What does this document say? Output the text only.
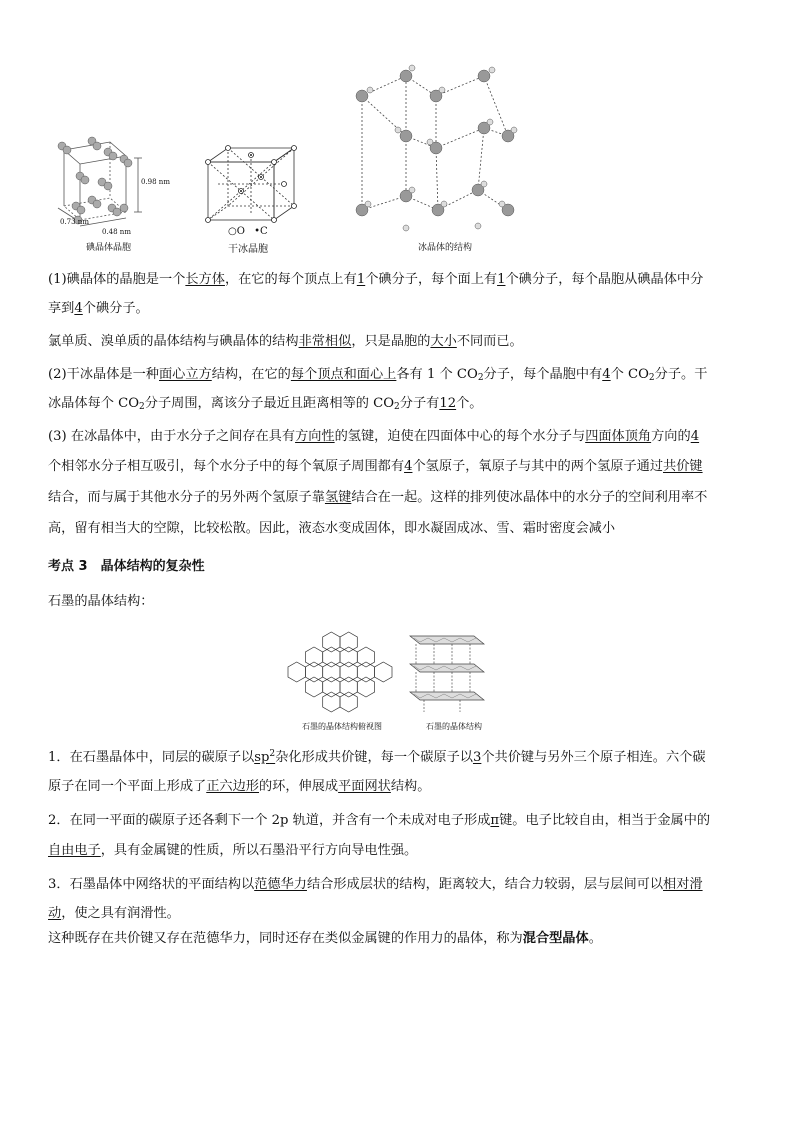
0.98 nm
0.73 nm
0.48 nm
碘晶体晶胞
○O •C
干冰晶胞	冰晶体的结构
(1)碘晶体的晶胞是一个长方体，在它的每个顶点上有1个碘分子，每个面上有1个碘分子，每个晶胞从碘晶体中分
享到4个碘分子。
氯单质、溴单质的晶体结构与碘晶体的结构非常相似，只是晶胞的大小不同而已。
(2)干冰晶体是一种面心立方结构，在它的每个顶点和面心上各有 1 个 $CO_2$分子，每个晶胞中有4个 $CO_2$分子。干
冰晶体每个 $CO_2$分子周围，离该分子最近且距离相等的 $CO_2$分子有12个。
(3) 在冰晶体中，由于水分子之间存在具有方向性的氢键，迫使在四面体中心的每个水分子与四面体顶角方向的4
个相邻水分子相互吸引，每个水分子中的每个氧原子周围都有4个氢原子，氧原子与其中的两个氢原子通过共价键
结合，而与属于其他水分子的另外两个氢原子靠氢键结合在一起。这样的排列使冰晶体中的水分子的空间利用率不
高，留有相当大的空隙，比较松散。因此，液态水变成固体，即水凝固成冰、雪、霜时密度会减小
考点 3　晶体结构的复杂性
石墨的晶体结构：
石墨的晶体结构俯视图	石墨的晶体结构
1．在石墨晶体中，同层的碳原子以$sp^2$杂化形成共价键，每一个碳原子以3个共价键与另外三个原子相连。六个碳
原子在同一个平面上形成了正六边形的环，伸展成平面网状结构。
2．在同一平面的碳原子还各剩下一个 2p 轨道，并含有一个未成对电子形成π键。电子比较自由，相当于金属中的
自由电子，具有金属键的性质，所以石墨沿平行方向导电性强。
3．石墨晶体中网络状的平面结构以范德华力结合形成层状的结构，距离较大，结合力较弱，层与层间可以相对滑
动，使之具有润滑性。
这种既存在共价键又存在范德华力，同时还存在类似金属键的作用力的晶体，称为混合型晶体。
